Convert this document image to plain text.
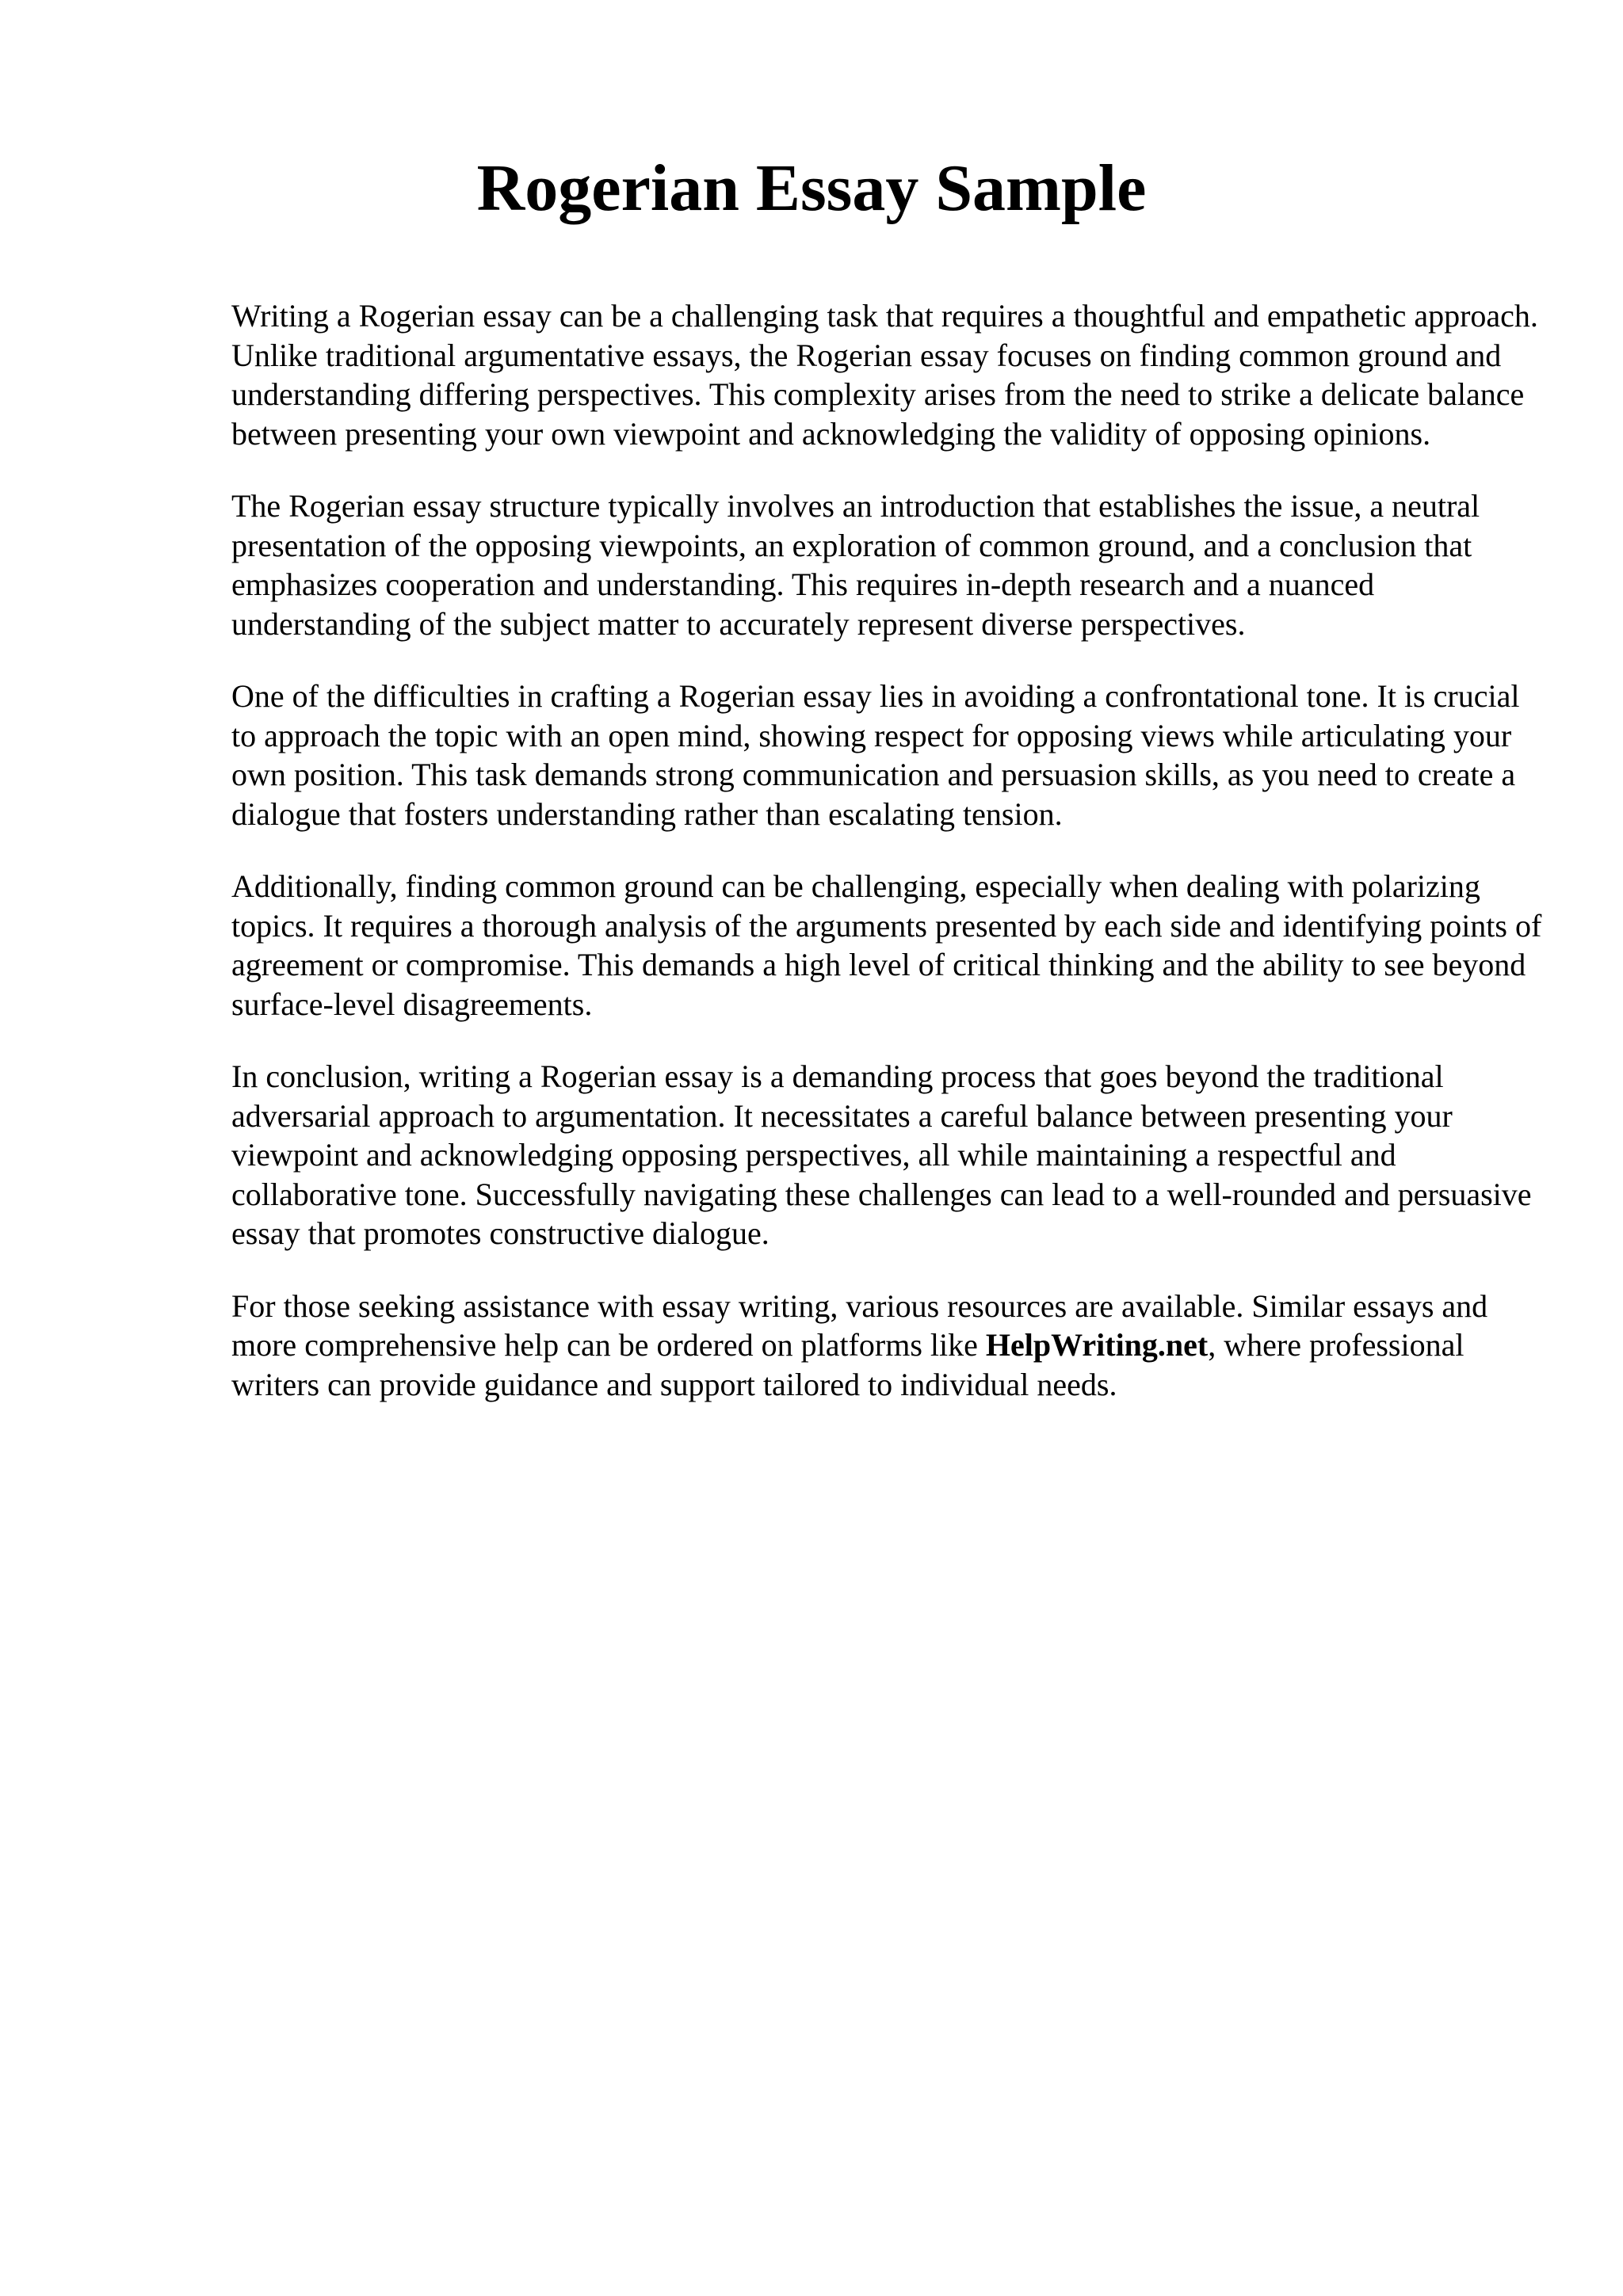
Rogerian Essay Sample

Writing a Rogerian essay can be a challenging task that requires a thoughtful and empathetic approach. Unlike traditional argumentative essays, the Rogerian essay focuses on finding common ground and understanding differing perspectives. This complexity arises from the need to strike a delicate balance between presenting your own viewpoint and acknowledging the validity of opposing opinions.

The Rogerian essay structure typically involves an introduction that establishes the issue, a neutral presentation of the opposing viewpoints, an exploration of common ground, and a conclusion that emphasizes cooperation and understanding. This requires in-depth research and a nuanced understanding of the subject matter to accurately represent diverse perspectives.

One of the difficulties in crafting a Rogerian essay lies in avoiding a confrontational tone. It is crucial to approach the topic with an open mind, showing respect for opposing views while articulating your own position. This task demands strong communication and persuasion skills, as you need to create a dialogue that fosters understanding rather than escalating tension.

Additionally, finding common ground can be challenging, especially when dealing with polarizing topics. It requires a thorough analysis of the arguments presented by each side and identifying points of agreement or compromise. This demands a high level of critical thinking and the ability to see beyond surface-level disagreements.

In conclusion, writing a Rogerian essay is a demanding process that goes beyond the traditional adversarial approach to argumentation. It necessitates a careful balance between presenting your viewpoint and acknowledging opposing perspectives, all while maintaining a respectful and collaborative tone. Successfully navigating these challenges can lead to a well-rounded and persuasive essay that promotes constructive dialogue.

For those seeking assistance with essay writing, various resources are available. Similar essays and more comprehensive help can be ordered on platforms like HelpWriting.net, where professional writers can provide guidance and support tailored to individual needs.
